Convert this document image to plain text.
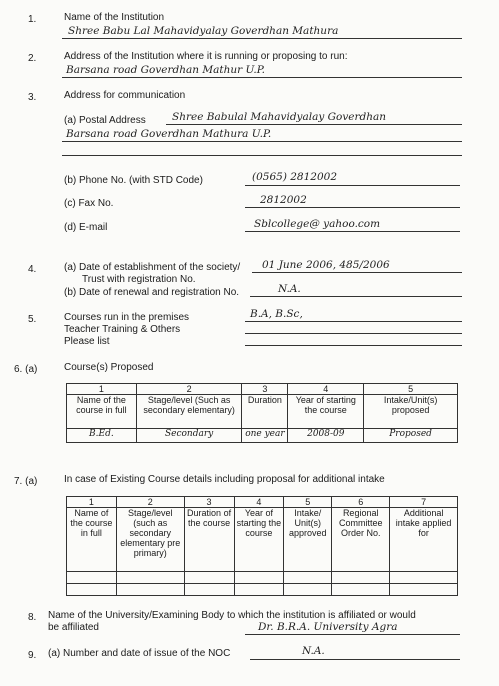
1.	Name of the Institution
Shree Babu Lal Mahavidyalay Goverdhan Mathura
2.	Address of the Institution where it is running or proposing to run:
Barsana road Goverdhan Mathur U.P.
3.	Address for communication
(a) Postal Address	Shree Babulal Mahavidyalay Goverdhan
Barsana road Goverdhan Mathura U.P.
(b) Phone No. (with STD Code)	(0565) 2812002
(c) Fax No.	2812002
(d) E-mail	Sblcollege@ yahoo.com
4.	(a) Date of establishment of the society/
Trust with registration No.
01 June 2006, 485/2006
(b) Date of renewal and registration No.	N.A.
5.	Courses run in the premises
Teacher Training & Others
Please list
B.A, B.Sc,
6. (a)	Course(s) Proposed
1	2	3	4	5
Name of the course in full	Stage/level (Such as secondary elementary)	Duration	Year of starting the course	Intake/Unit(s) proposed
B.Ed.	Secondary	one year	2008-09	Proposed
7. (a)	In case of Existing Course details including proposal for additional intake
1	2	3	4	5	6	7
Name of the course in full	Stage/level (such as secondary elementary pre primary)	Duration of the course	Year of starting the course	Intake/ Unit(s) approved	Regional Committee Order No.	Additional intake applied for

8. Name of the University/Examining Body to which the institution is affiliated or would
be affiliated	Dr. B.R.A. University Agra
9. (a) Number and date of issue of the NOC	N.A.
